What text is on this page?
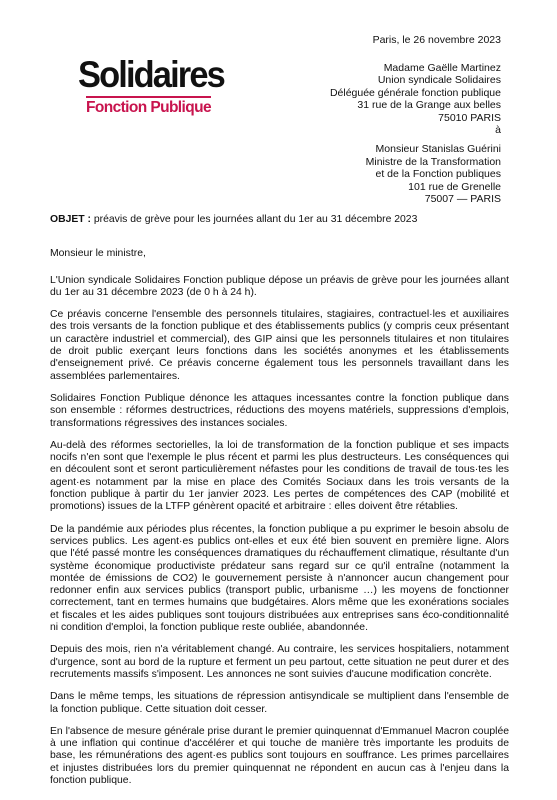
Solidaires
Fonction Publique
Paris, le 26 novembre 2023
Madame Gaëlle Martinez
Union syndicale Solidaires
Déléguée générale fonction publique
31 rue de la Grange aux belles
75010 PARIS
à
Monsieur Stanislas Guérini
Ministre de la Transformation
et de la Fonction publiques
101 rue de Grenelle
75007 — PARIS
OBJET : préavis de grève pour les journées allant du 1er au 31 décembre 2023

Monsieur le ministre,

L'Union syndicale Solidaires Fonction publique dépose un préavis de grève pour les journées allant du 1er au 31 décembre 2023 (de 0 h à 24 h).

Ce préavis concerne l'ensemble des personnels titulaires, stagiaires, contractuel·les et auxiliaires des trois versants de la fonction publique et des établissements publics (y compris ceux présentant un caractère industriel et commercial), des GIP ainsi que les personnels titulaires et non titulaires de droit public exerçant leurs fonctions dans les sociétés anonymes et les établissements d'enseignement privé. Ce préavis concerne également tous les personnels travaillant dans les assemblées parlementaires.

Solidaires Fonction Publique dénonce les attaques incessantes contre la fonction publique dans son ensemble : réformes destructrices, réductions des moyens matériels, suppressions d'emplois, transformations régressives des instances sociales.

Au-delà des réformes sectorielles, la loi de transformation de la fonction publique et ses impacts nocifs n'en sont que l'exemple le plus récent et parmi les plus destructeurs. Les conséquences qui en découlent sont et seront particulièrement néfastes pour les conditions de travail de tous·tes les agent·es notamment par la mise en place des Comités Sociaux dans les trois versants de la fonction publique à partir du 1er janvier 2023. Les pertes de compétences des CAP (mobilité et promotions) issues de la LTFP génèrent opacité et arbitraire : elles doivent être rétablies.

De la pandémie aux périodes plus récentes, la fonction publique a pu exprimer le besoin absolu de services publics. Les agent·es publics ont-elles et eux été bien souvent en première ligne. Alors que l'été passé montre les conséquences dramatiques du réchauffement climatique, résultante d'un système économique productiviste prédateur sans regard sur ce qu'il entraîne (notamment la montée de émissions de CO2) le gouvernement persiste à n'annoncer aucun changement pour redonner enfin aux services publics (transport public, urbanisme …) les moyens de fonctionner correctement, tant en termes humains que budgétaires. Alors même que les exonérations sociales et fiscales et les aides publiques sont toujours distribuées aux entreprises sans éco-conditionnalité ni condition d'emploi, la fonction publique reste oubliée, abandonnée.

Depuis des mois, rien n'a véritablement changé. Au contraire, les services hospitaliers, notamment d'urgence, sont au bord de la rupture et ferment un peu partout, cette situation ne peut durer et des recrutements massifs s'imposent. Les annonces ne sont suivies d'aucune modification concrète.

Dans le même temps, les situations de répression antisyndicale se multiplient dans l'ensemble de la fonction publique. Cette situation doit cesser.

En l'absence de mesure générale prise durant le premier quinquennat d'Emmanuel Macron couplée à une inflation qui continue d'accélérer et qui touche de manière très importante les produits de base, les rémunérations des agent·es publics sont toujours en souffrance. Les primes parcellaires et injustes distribuées lors du premier quinquennat ne répondent en aucun cas à l'enjeu dans la fonction publique.
